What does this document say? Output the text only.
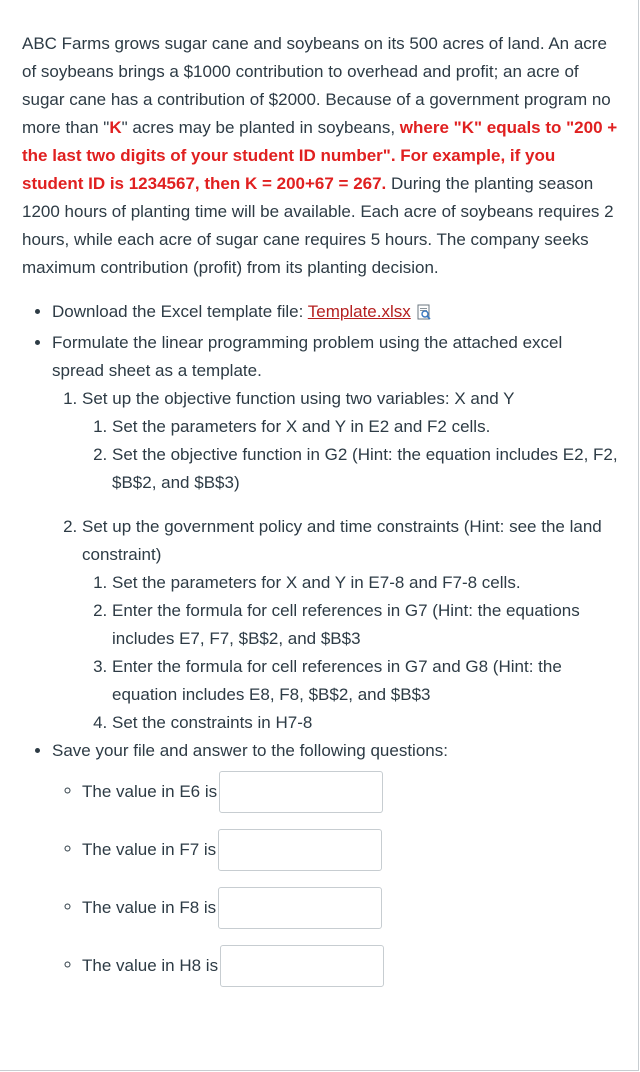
ABC Farms grows sugar cane and soybeans on its 500 acres of land. An acre of soybeans brings a $1000 contribution to overhead and profit; an acre of sugar cane has a contribution of $2000. Because of a government program no more than "K" acres may be planted in soybeans, where "K" equals to "200 + the last two digits of your student ID number". For example, if you student ID is 1234567, then K = 200+67 = 267. During the planting season 1200 hours of planting time will be available. Each acre of soybeans requires 2 hours, while each acre of sugar cane requires 5 hours. The company seeks maximum contribution (profit) from its planting decision.

• Download the Excel template file: Template.xlsx
• Formulate the linear programming problem using the attached excel spread sheet as a template.
1. Set up the objective function using two variables: X and Y
1. Set the parameters for X and Y in E2 and F2 cells.
2. Set the objective function in G2 (Hint: the equation includes E2, F2, $B$2, and $B$3)
2. Set up the government policy and time constraints (Hint: see the land constraint)
1. Set the parameters for X and Y in E7-8 and F7-8 cells.
2. Enter the formula for cell references in G7 (Hint: the equations includes E7, F7, $B$2, and $B$3
3. Enter the formula for cell references in G7 and G8 (Hint: the equation includes E8, F8, $B$2, and $B$3
4. Set the constraints in H7-8
• Save your file and answer to the following questions:
◦ The value in E6 is
◦ The value in F7 is
◦ The value in F8 is
◦ The value in H8 is
